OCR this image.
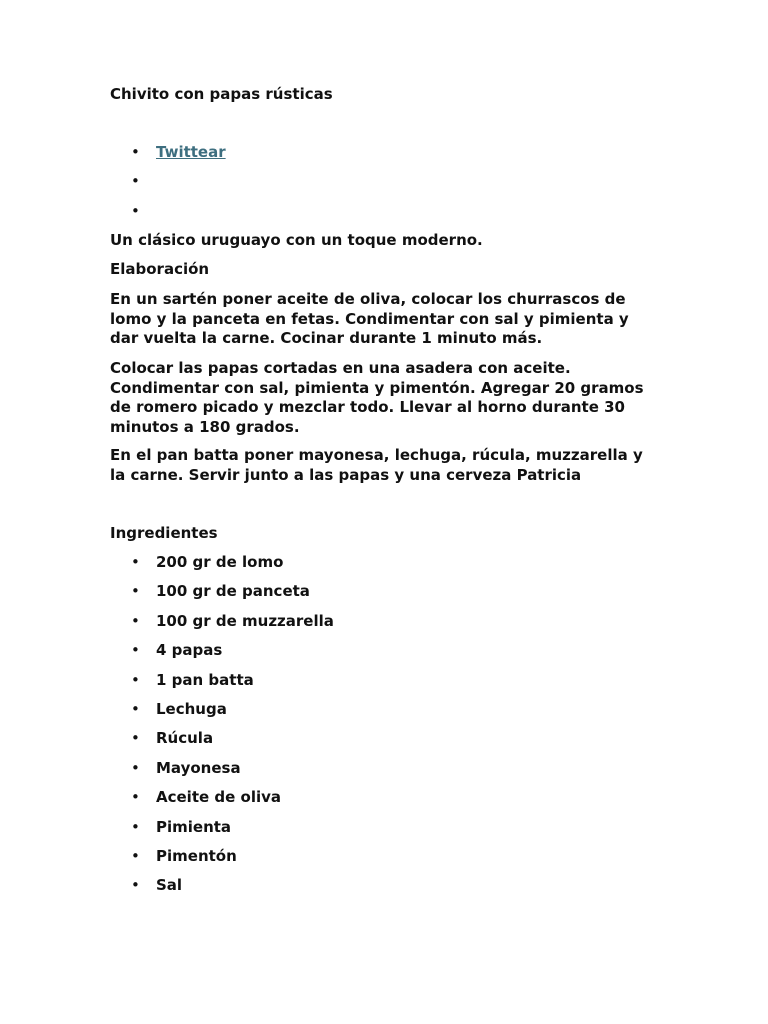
Chivito con papas rústicas
• Twittear
•
•

Un clásico uruguayo con un toque moderno.

Elaboración

En un sartén poner aceite de oliva, colocar los churrascos de lomo y la panceta en fetas. Condimentar con sal y pimienta y dar vuelta la carne. Cocinar durante 1 minuto más.

Colocar las papas cortadas en una asadera con aceite. Condimentar con sal, pimienta y pimentón. Agregar 20 gramos de romero picado y mezclar todo. Llevar al horno durante 30 minutos a 180 grados.

En el pan batta poner mayonesa, lechuga, rúcula, muzzarella y la carne. Servir junto a las papas y una cerveza Patricia

Ingredientes
• 200 gr de lomo
• 100 gr de panceta
• 100 gr de muzzarella
• 4 papas
• 1 pan batta
• Lechuga
• Rúcula
• Mayonesa
• Aceite de oliva
• Pimienta
• Pimentón
• Sal
